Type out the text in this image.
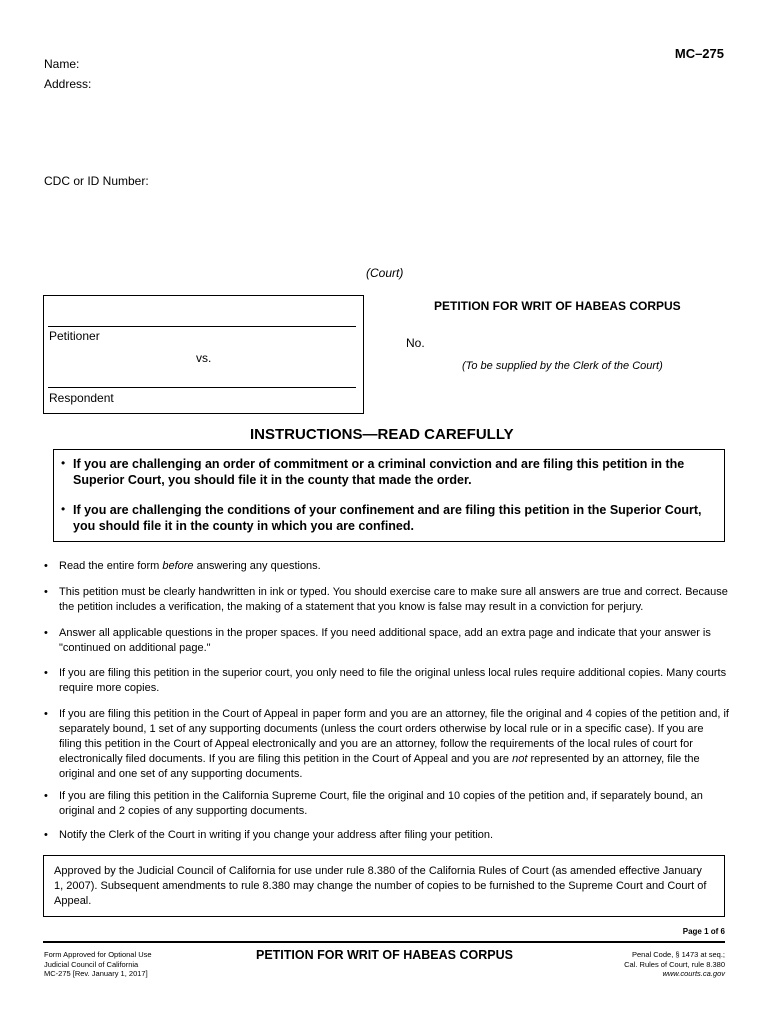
MC–275
Name:
Address:
CDC or ID Number:
(Court)
Petitioner
vs.
Respondent
PETITION FOR WRIT OF HABEAS CORPUS
No.
(To be supplied by the Clerk of the Court)
INSTRUCTIONS—READ CAREFULLY
• If you are challenging an order of commitment or a criminal conviction and are filing this petition in the Superior Court, you should file it in the county that made the order.

• If you are challenging the conditions of your confinement and are filing this petition in the Superior Court, you should file it in the county in which you are confined.

• Read the entire form before answering any questions.
• This petition must be clearly handwritten in ink or typed. You should exercise care to make sure all answers are true and correct. Because the petition includes a verification, the making of a statement that you know is false may result in a conviction for perjury.
• Answer all applicable questions in the proper spaces. If you need additional space, add an extra page and indicate that your answer is "continued on additional page."
• If you are filing this petition in the superior court, you only need to file the original unless local rules require additional copies. Many courts require more copies.
• If you are filing this petition in the Court of Appeal in paper form and you are an attorney, file the original and 4 copies of the petition and, if separately bound, 1 set of any supporting documents (unless the court orders otherwise by local rule or in a specific case). If you are filing this petition in the Court of Appeal electronically and you are an attorney, follow the requirements of the local rules of court for electronically filed documents. If you are filing this petition in the Court of Appeal and you are not represented by an attorney, file the original and one set of any supporting documents.
• If you are filing this petition in the California Supreme Court, file the original and 10 copies of the petition and, if separately bound, an original and 2 copies of any supporting documents.
• Notify the Clerk of the Court in writing if you change your address after filing your petition.
Approved by the Judicial Council of California for use under rule 8.380 of the California Rules of Court (as amended effective January 1, 2007). Subsequent amendments to rule 8.380 may change the number of copies to be furnished to the Supreme Court and Court of Appeal.
Page 1 of 6
Form Approved for Optional Use
Judicial Council of California
MC-275 [Rev. January 1, 2017]
PETITION FOR WRIT OF HABEAS CORPUS	Penal Code, § 1473 at seq.;
Cal. Rules of Court, rule 8.380
www.courts.ca.gov
